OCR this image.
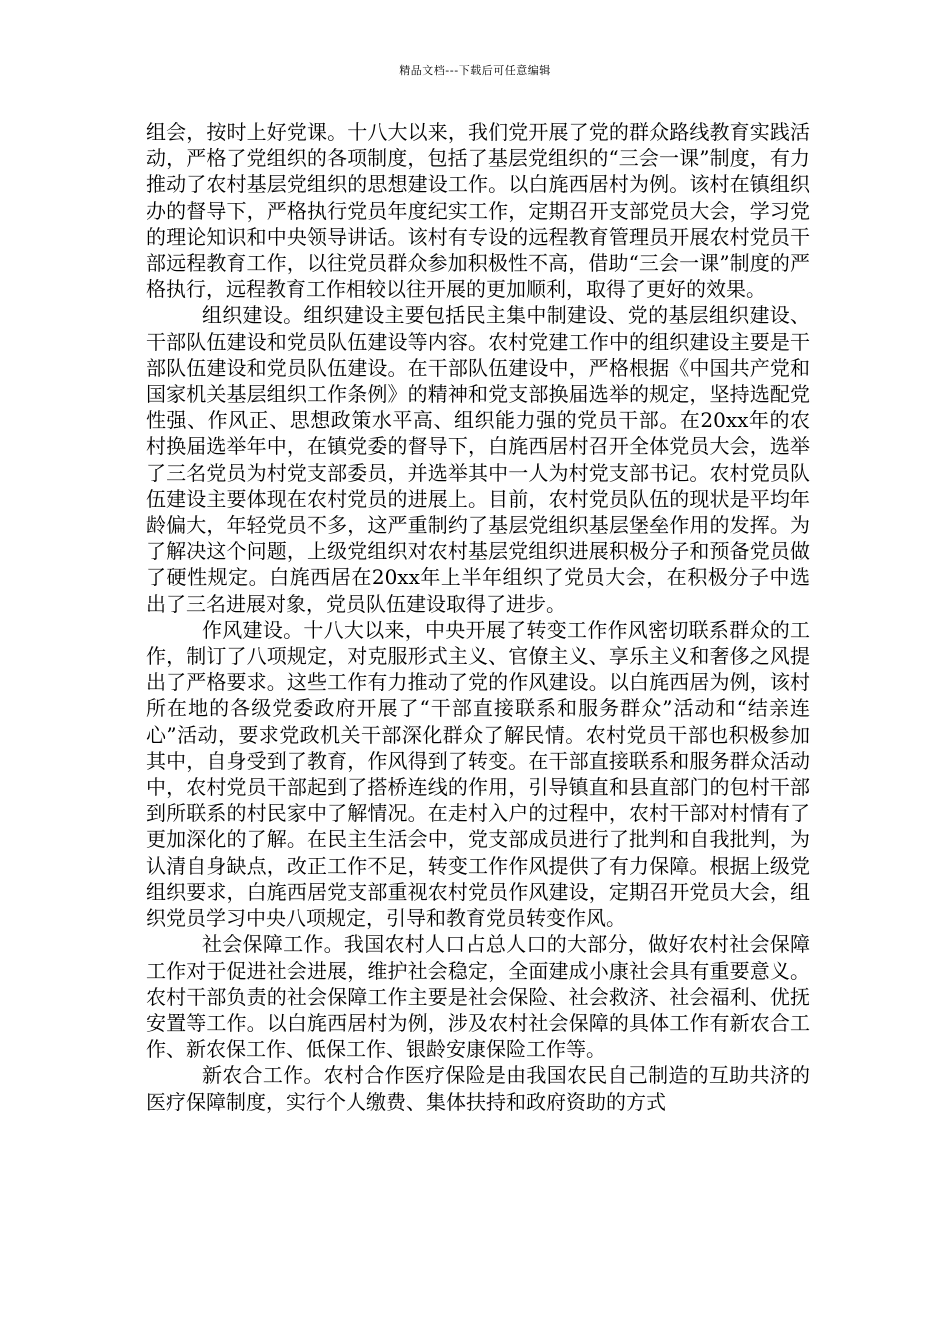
精品文档---下载后可任意编辑

组会，按时上好党课。十八大以来，我们党开展了党的群众路线教育实践活动，严格了党组织的各项制度，包括了基层党组织的“三会一课”制度，有力推动了农村基层党组织的思想建设工作。以白旄西居村为例。该村在镇组织办的督导下，严格执行党员年度纪实工作，定期召开支部党员大会，学习党的理论知识和中央领导讲话。该村有专设的远程教育管理员开展农村党员干部远程教育工作，以往党员群众参加积极性不高，借助“三会一课”制度的严格执行，远程教育工作相较以往开展的更加顺利，取得了更好的效果。

组织建设。组织建设主要包括民主集中制建设、党的基层组织建设、干部队伍建设和党员队伍建设等内容。农村党建工作中的组织建设主要是干部队伍建设和党员队伍建设。在干部队伍建设中，严格根据《中国共产党和国家机关基层组织工作条例》的精神和党支部换届选举的规定，坚持选配党性强、作风正、思想政策水平高、组织能力强的党员干部。在20xx年的农村换届选举年中，在镇党委的督导下，白旄西居村召开全体党员大会，选举了三名党员为村党支部委员，并选举其中一人为村党支部书记。农村党员队伍建设主要体现在农村党员的进展上。目前，农村党员队伍的现状是平均年龄偏大，年轻党员不多，这严重制约了基层党组织基层堡垒作用的发挥。为了解决这个问题，上级党组织对农村基层党组织进展积极分子和预备党员做了硬性规定。白旄西居在20xx年上半年组织了党员大会，在积极分子中选出了三名进展对象，党员队伍建设取得了进步。

作风建设。十八大以来，中央开展了转变工作作风密切联系群众的工作，制订了八项规定，对克服形式主义、官僚主义、享乐主义和奢侈之风提出了严格要求。这些工作有力推动了党的作风建设。以白旄西居为例，该村所在地的各级党委政府开展了“干部直接联系和服务群众”活动和“结亲连心”活动，要求党政机关干部深化群众了解民情。农村党员干部也积极参加其中，自身受到了教育，作风得到了转变。在干部直接联系和服务群众活动中，农村党员干部起到了搭桥连线的作用，引导镇直和县直部门的包村干部到所联系的村民家中了解情况。在走村入户的过程中，农村干部对村情有了更加深化的了解。在民主生活会中，党支部成员进行了批判和自我批判，为认清自身缺点，改正工作不足，转变工作作风提供了有力保障。根据上级党组织要求，白旄西居党支部重视农村党员作风建设，定期召开党员大会，组织党员学习中央八项规定，引导和教育党员转变作风。

社会保障工作。我国农村人口占总人口的大部分，做好农村社会保障工作对于促进社会进展，维护社会稳定，全面建成小康社会具有重要意义。农村干部负责的社会保障工作主要是社会保险、社会救济、社会福利、优抚安置等工作。以白旄西居村为例，涉及农村社会保障的具体工作有新农合工作、新农保工作、低保工作、银龄安康保险工作等。

新农合工作。农村合作医疗保险是由我国农民自己制造的互助共济的医疗保障制度，实行个人缴费、集体扶持和政府资助的方式
